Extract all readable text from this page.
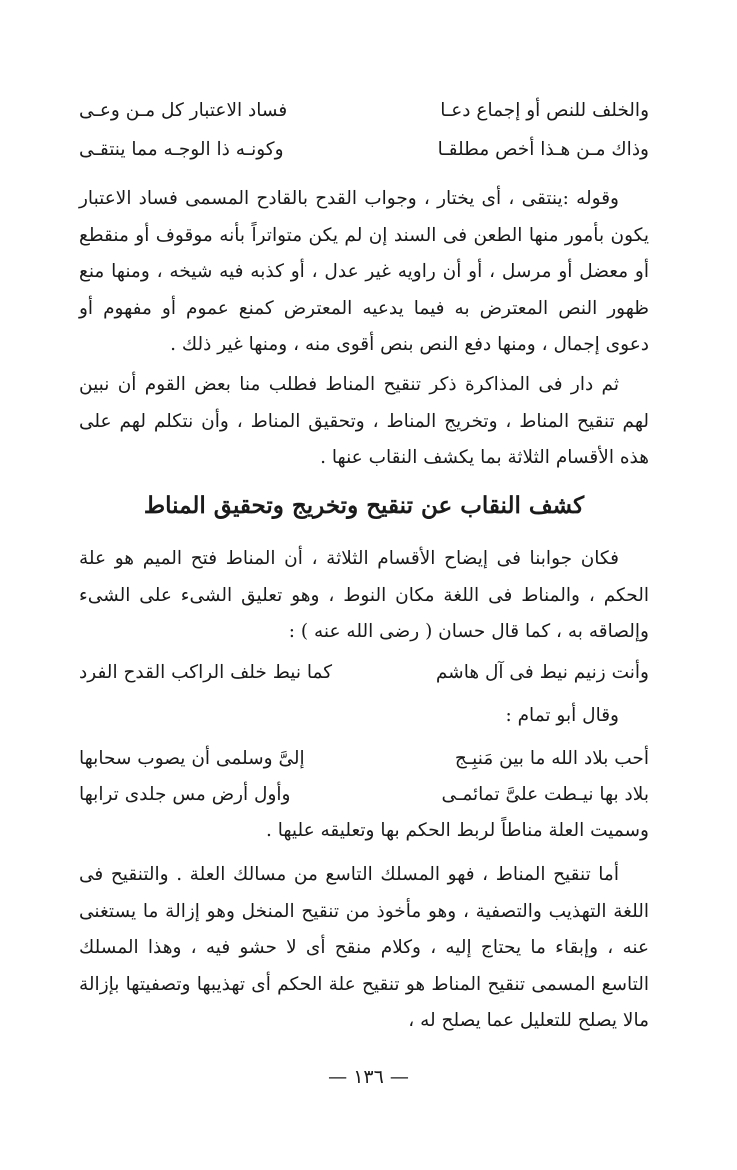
والخلف للنص أو إجماع دعـا
فساد الاعتبار كل مـن وعـى
وذاك مـن هـذا أخص مطلقـا
وكونـه ذا الوجـه مما ينتقـى

وقوله :ينتقى ، أى يختار ، وجواب القدح بالقادح المسمى فساد الاعتبار يكون بأمور منها الطعن فى السند إن لم يكن متواتراً بأنه موقوف أو منقطع أو معضل أو مرسل ، أو أن راويه غير عدل ، أو كذبه فيه شيخه ، ومنها منع ظهور النص المعترض به فيما يدعيه المعترض كمنع عموم أو مفهوم أو دعوى إجمال ، ومنها دفع النص بنص أقوى منه ، ومنها غير ذلك .

ثم دار فى المذاكرة ذكر تنقيح المناط فطلب منا بعض القوم أن نبين لهم تنقيح المناط ، وتخريج المناط ، وتحقيق المناط ، وأن نتكلم لهم على هذه الأقسام الثلاثة بما يكشف النقاب عنها .

كشف النقاب عن تنقيح وتخريج وتحقيق المناط

فكان جوابنا فى إيضاح الأقسام الثلاثة ، أن المناط فتح الميم هو علة الحكم ، والمناط فى اللغة مكان النوط ، وهو تعليق الشىء على الشىء وإلصاقه به ، كما قال حسان ( رضى الله عنه ) :

وأنت زنيم نيط فى آل هاشم
كما نيط خلف الراكب القدح الفرد
وقال أبو تمام :
أحب بلاد الله ما بين مَنبِـج
إلىَّ وسلمى أن يصوب سحابها
بلاد بها نيـطت علىَّ تمائمـى
وأول أرض مس جلدى ترابها
وسميت العلة مناطاً لربط الحكم بها وتعليقه عليها .

أما تنقيح المناط ، فهو المسلك التاسع من مسالك العلة . والتنقيح فى اللغة التهذيب والتصفية ، وهو مأخوذ من تنقيح المنخل وهو إزالة ما يستغنى عنه ، وإبقاء ما يحتاج إليه ، وكلام منقح أى لا حشو فيه ، وهذا المسلك التاسع المسمى تنقيح المناط هو تنقيح علة الحكم أى تهذيبها وتصفيتها بإزالة مالا يصلح للتعليل عما يصلح له ،

— ١٣٦ —
